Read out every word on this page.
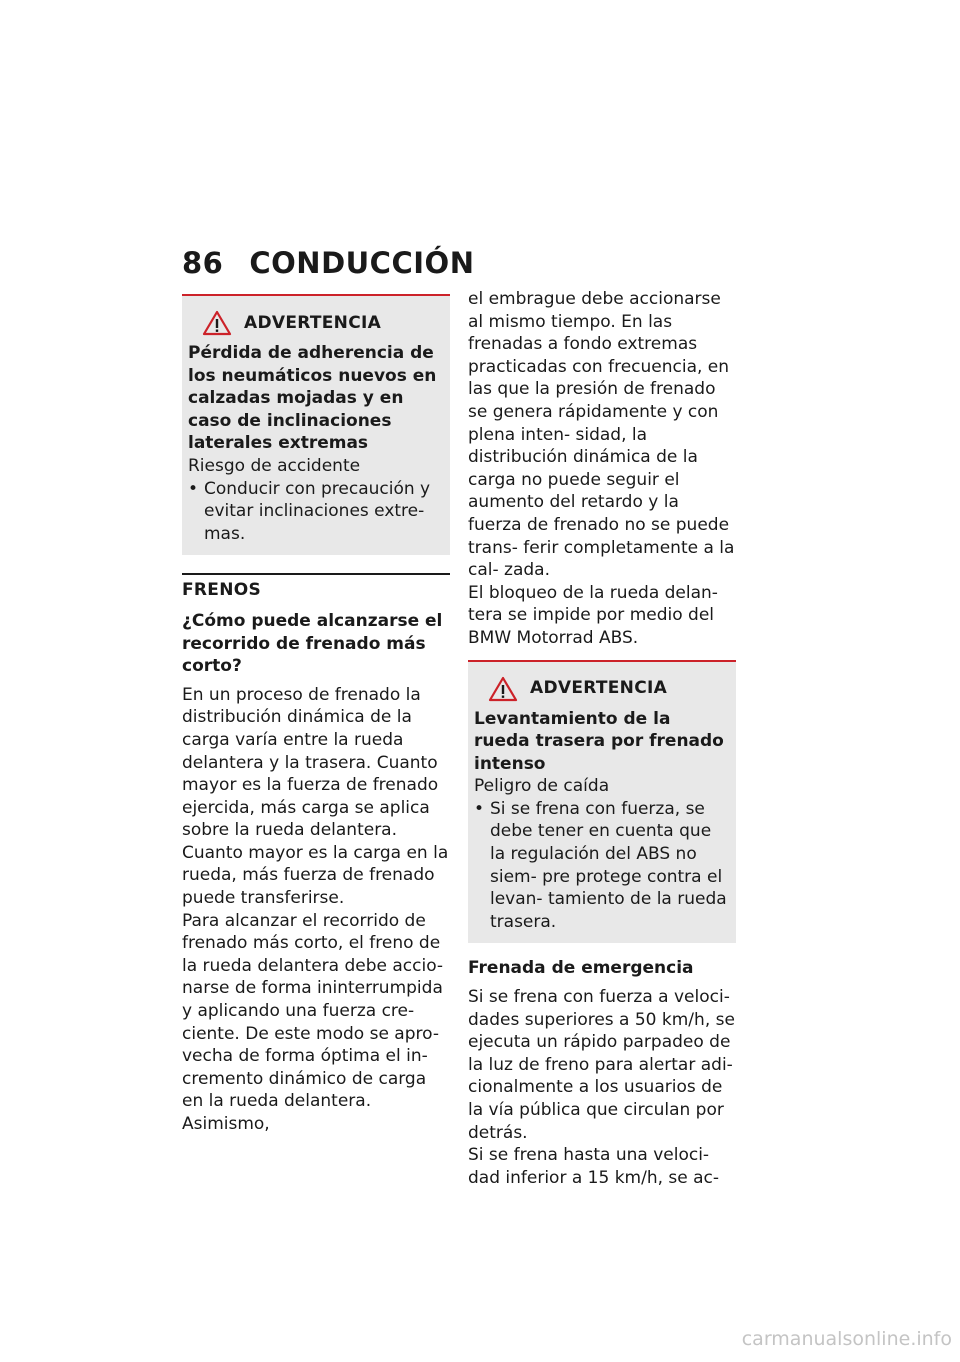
86 CONDUCCIÓN
ADVERTENCIA
Pérdida de adherencia de los neumáticos nuevos en calzadas mojadas y en caso de inclinaciones laterales extremas
Riesgo de accidente
• Conducir con precaución y evitar inclinaciones extre- mas.
FRENOS
¿Cómo puede alcanzarse el recorrido de frenado más corto?

En un proceso de frenado la distribución dinámica de la carga varía entre la rueda delantera y la trasera. Cuanto mayor es la fuerza de frenado ejercida, más carga se aplica sobre la rueda delantera. Cuanto mayor es la carga en la rueda, más fuerza de frenado puede transferirse.

Para alcanzar el recorrido de frenado más corto, el freno de la rueda delantera debe accio- narse de forma ininterrumpida y aplicando una fuerza cre- ciente. De este modo se apro- vecha de forma óptima el in- cremento dinámico de carga en la rueda delantera. Asimismo,

el embrague debe accionarse al mismo tiempo. En las frenadas a fondo extremas practicadas con frecuencia, en las que la presión de frenado se genera rápidamente y con plena inten- sidad, la distribución dinámica de la carga no puede seguir el aumento del retardo y la fuerza de frenado no se puede trans- ferir completamente a la cal- zada.

El bloqueo de la rueda delan- tera se impide por medio del BMW Motorrad ABS.

ADVERTENCIA
Levantamiento de la rueda trasera por frenado intenso
Peligro de caída
• Si se frena con fuerza, se debe tener en cuenta que la regulación del ABS no siem- pre protege contra el levan- tamiento de la rueda trasera.
Frenada de emergencia

Si se frena con fuerza a veloci- dades superiores a 50 km/h, se ejecuta un rápido parpadeo de la luz de freno para alertar adi- cionalmente a los usuarios de la vía pública que circulan por detrás.

Si se frena hasta una veloci- dad inferior a 15 km/h, se ac-

carmanualsonline.info
